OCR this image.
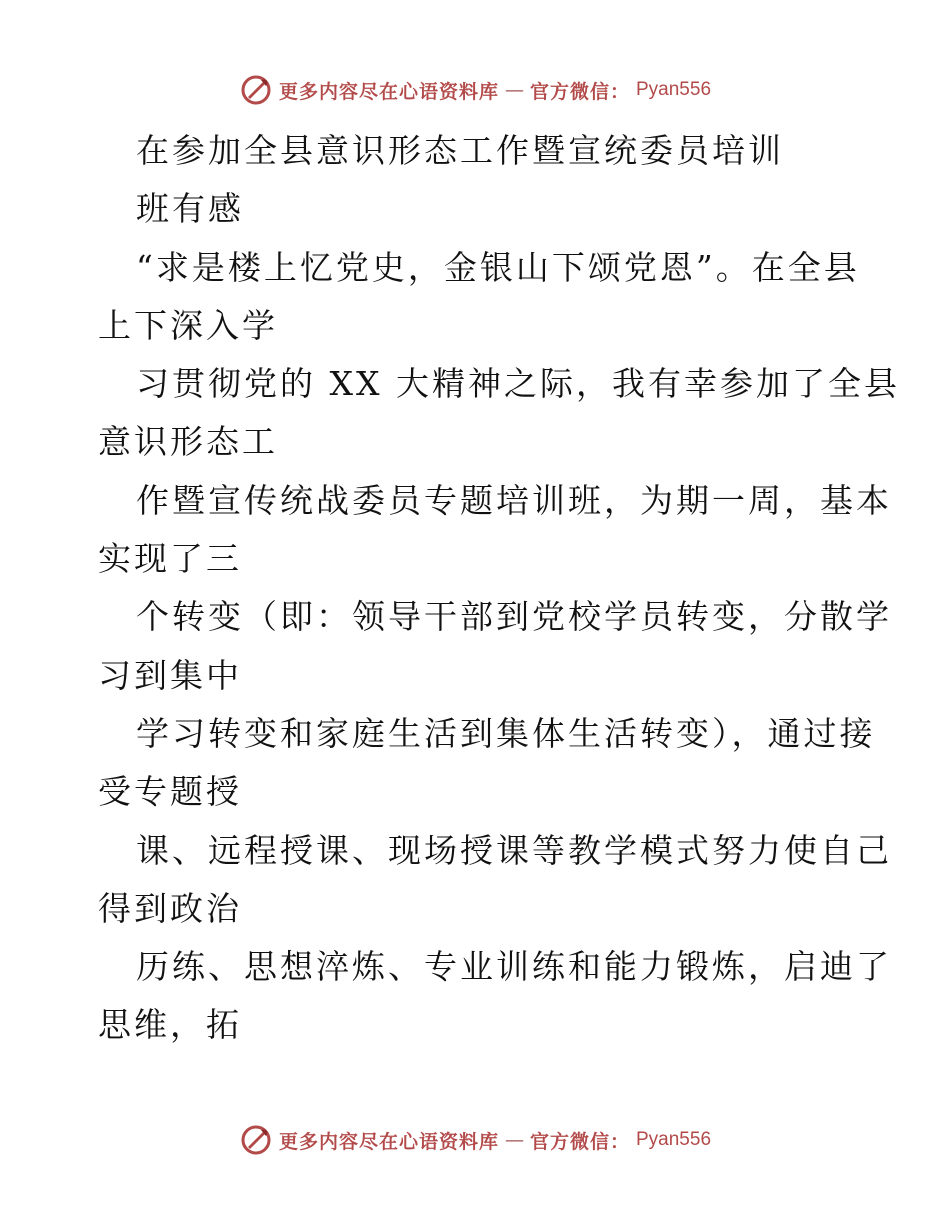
更多内容尽在心语资料库 — 官方微信： Pyan556
在参加全县意识形态工作暨宣统委员培训
班有感
“求是楼上忆党史，金银山下颂党恩”。在全县
上下深入学
习贯彻党的 XX 大精神之际，我有幸参加了全县
意识形态工
作暨宣传统战委员专题培训班，为期一周，基本
实现了三
个转变（即：领导干部到党校学员转变，分散学
习到集中
学习转变和家庭生活到集体生活转变），通过接
受专题授
课、远程授课、现场授课等教学模式努力使自己
得到政治
历练、思想淬炼、专业训练和能力锻炼，启迪了
思维，拓
更多内容尽在心语资料库 — 官方微信： Pyan556
